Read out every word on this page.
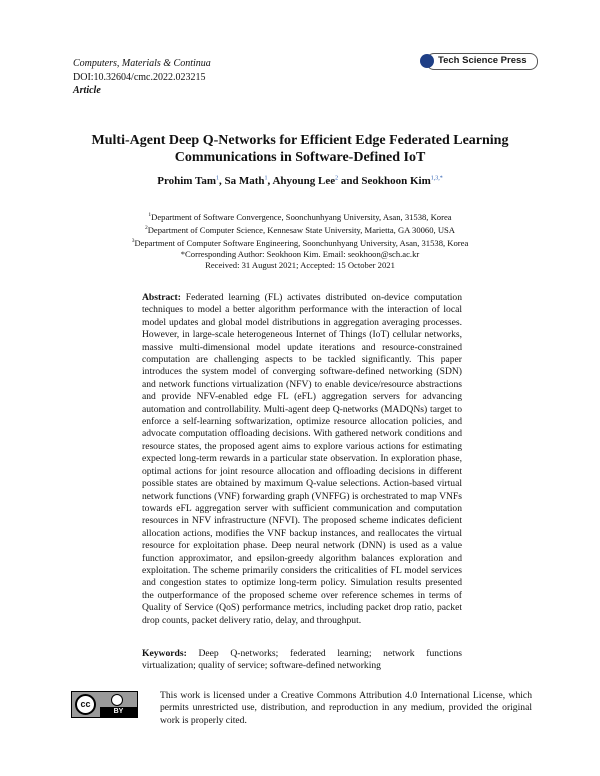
Computers, Materials & Continua
DOI:10.32604/cmc.2022.023215
Article
Tech Science Press
Multi-Agent Deep Q-Networks for Efficient Edge Federated Learning
Communications in Software-Defined IoT
Prohim Tam$^1$, Sa Math$^1$, Ahyoung Lee$^2$ and Seokhoon Kim$^{1,3,*}$
$^1$Department of Software Convergence, Soonchunhyang University, Asan, 31538, Korea
$^2$Department of Computer Science, Kennesaw State University, Marietta, GA 30060, USA
$^3$Department of Computer Software Engineering, Soonchunhyang University, Asan, 31538, Korea
*Corresponding Author: Seokhoon Kim. Email: seokhoon@sch.ac.kr
Received: 31 August 2021; Accepted: 15 October 2021
Abstract: Federated learning (FL) activates distributed on-device computation techniques to model a better algorithm performance with the interaction of local model updates and global model distributions in aggregation averaging processes. However, in large-scale heterogeneous Internet of Things (IoT) cellular networks, massive multi-dimensional model update iterations and resource-constrained computation are challenging aspects to be tackled significantly. This paper introduces the system model of converging software-defined networking (SDN) and network functions virtualization (NFV) to enable device/resource abstractions and provide NFV-enabled edge FL (eFL) aggregation servers for advancing automation and controllability. Multi-agent deep Q-networks (MADQNs) target to enforce a self-learning softwarization, optimize resource allocation policies, and advocate computation offloading decisions. With gathered network conditions and resource states, the proposed agent aims to explore various actions for estimating expected long-term rewards in a particular state observation. In exploration phase, optimal actions for joint resource allocation and offloading decisions in different possible states are obtained by maximum Q-value selections. Action-based virtual network functions (VNF) forwarding graph (VNFFG) is orchestrated to map VNFs towards eFL aggregation server with sufficient communication and computation resources in NFV infrastructure (NFVI). The proposed scheme indicates deficient allocation actions, modifies the VNF backup instances, and reallocates the virtual resource for exploitation phase. Deep neural network (DNN) is used as a value function approximator, and epsilon-greedy algorithm balances exploration and exploitation. The scheme primarily considers the criticalities of FL model services and congestion states to optimize long-term policy. Simulation results presented the outperformance of the proposed scheme over reference schemes in terms of Quality of Service (QoS) performance metrics, including packet drop ratio, packet drop counts, packet delivery ratio, delay, and throughput.
Keywords: Deep Q-networks; federated learning; network functions virtualization; quality of service; software-defined networking
cc
BY
This work is licensed under a Creative Commons Attribution 4.0 International License, which permits unrestricted use, distribution, and reproduction in any medium, provided the original work is properly cited.
